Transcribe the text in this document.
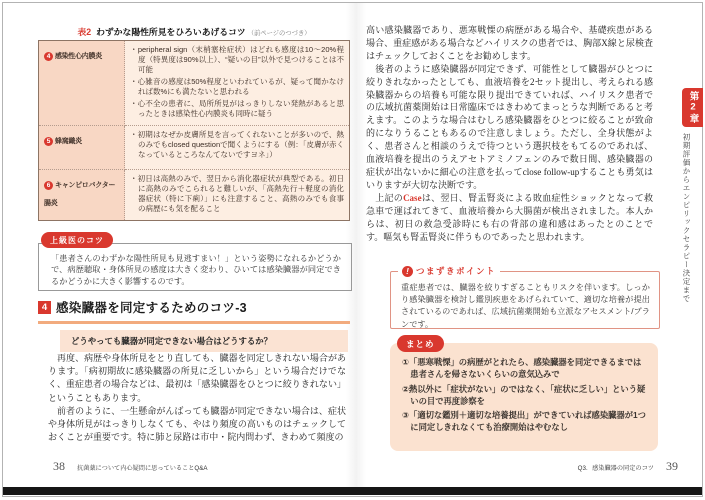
表2 わずかな陽性所見をひろいあげるコツ （前ページのつづき）
4 感染性心内膜炎	・ peripheral sign（末梢塞栓症状）はどれも感度は10〜20%程度（特異度は90%以上）、“疑いの目”以外で見つけることは不可能
・ 心雑音の感度は50%程度といわれているが、疑って聞かなければ数%にも満たないと思われる
・ 心不全の患者に、局所所見がはっきりしない発熱があると思ったときは感染性心内膜炎も同時に疑う

5 蜂窩織炎	・ 初期はなぜか皮膚所見を言ってくれないことが多いので、熱のみでもclosed questionで聞くようにする（例：「皮膚が赤くなっているところなんてないですヨネ」）

6 キャンピロバクター腸炎	・ 初日は高熱のみで、翌日から消化器症状が典型である。初日に高熱のみでこられると難しいが、「高熱先行＋軽度の消化器症状（特に下痢）」にも注意すること、高熱のみでも食事の病歴にも気を配ること
上級医のコツ
「患者さんのわずかな陽性所見も見逃すまい！」という姿勢になれるかどうかで、病歴聴取・身体所見の感度は大きく変わり、ひいては感染臓器が同定できるかどうかに大きく影響するのです。
4 感染臓器を同定するためのコツ-3
どうやっても臓器が同定できない場合はどうするか？
　再度、病歴や身体所見をとり直しても、臓器を同定しきれない場合があります。「病初期故に感染臓器の所見に乏しいから」という場合だけでなく、重症患者の場合などは、最初は「感染臓器をひとつに絞りきれない」ということもあります。
　前者のように、一生懸命がんばっても臓器が同定できない場合は、症状や身体所見がはっきりしなくても、やはり頻度の高いものはチェックしておくことが重要です。特に肺と尿路は市中・院内問わず、きわめて頻度の
38 抗菌薬について内心疑問に思っていることQ&A

高い感染臓器であり、悪寒戦慄の病歴がある場合や、基礎疾患がある場合、重症感がある場合などハイリスクの患者では、胸部X線と尿検査はチェックしておくことをお勧めします。

　後者のように感染臓器が同定できず、可能性として臓器がひとつに絞りきれなかったとしても、血液培養を2セット提出し、考えられる感染臓器からの培養も可能な限り提出できていれば、ハイリスク患者での広域抗菌薬開始は日常臨床ではきわめてまっとうな判断であると考えます。このような場合はむしろ感染臓器をひとつに絞ることが致命的になりうることもあるので注意しましょう。ただし、全身状態がよく、患者さんと相談のうえで待つという選択枝をもてるのであれば、血液培養を提出のうえアセトアミノフェンのみで数日間、感染臓器の症状が出ないかに細心の注意を払ってclose follow-upすることも勇気はいりますが大切な決断です。

　上記のCaseは、翌日、腎盂腎炎による敗血症性ショックとなって救急車で運ばれてきて、血液培養から大腸菌が検出されました。本人からは、初日の救急受診時にも右の背部の違和感はあったとのことです。嘔気も腎盂腎炎に伴うものであったと思われます。

! つまずきポイント
重症患者では、臓器を絞りすぎることもリスクを伴います。しっかり感染臓器を検討し鑑別疾患をあげられていて、適切な培養が提出されているのであれば、広域抗菌薬開始も立派なアセスメント/プランです。
まとめ
①「悪寒戦慄」の病歴がとれたら、感染臓器を同定できるまでは患者さんを帰さないくらいの意気込みで
②熱以外に「症状がない」のではなく、「症状に乏しい」という疑いの目で再度診察を
③「適切な鑑別＋適切な培養提出」ができていれば感染臓器が1つに同定しきれなくても治療開始はやむなし
Q3．感染臓器の同定のコツ 39
第2章
初期評価からエンピリックセラピー決定まで
